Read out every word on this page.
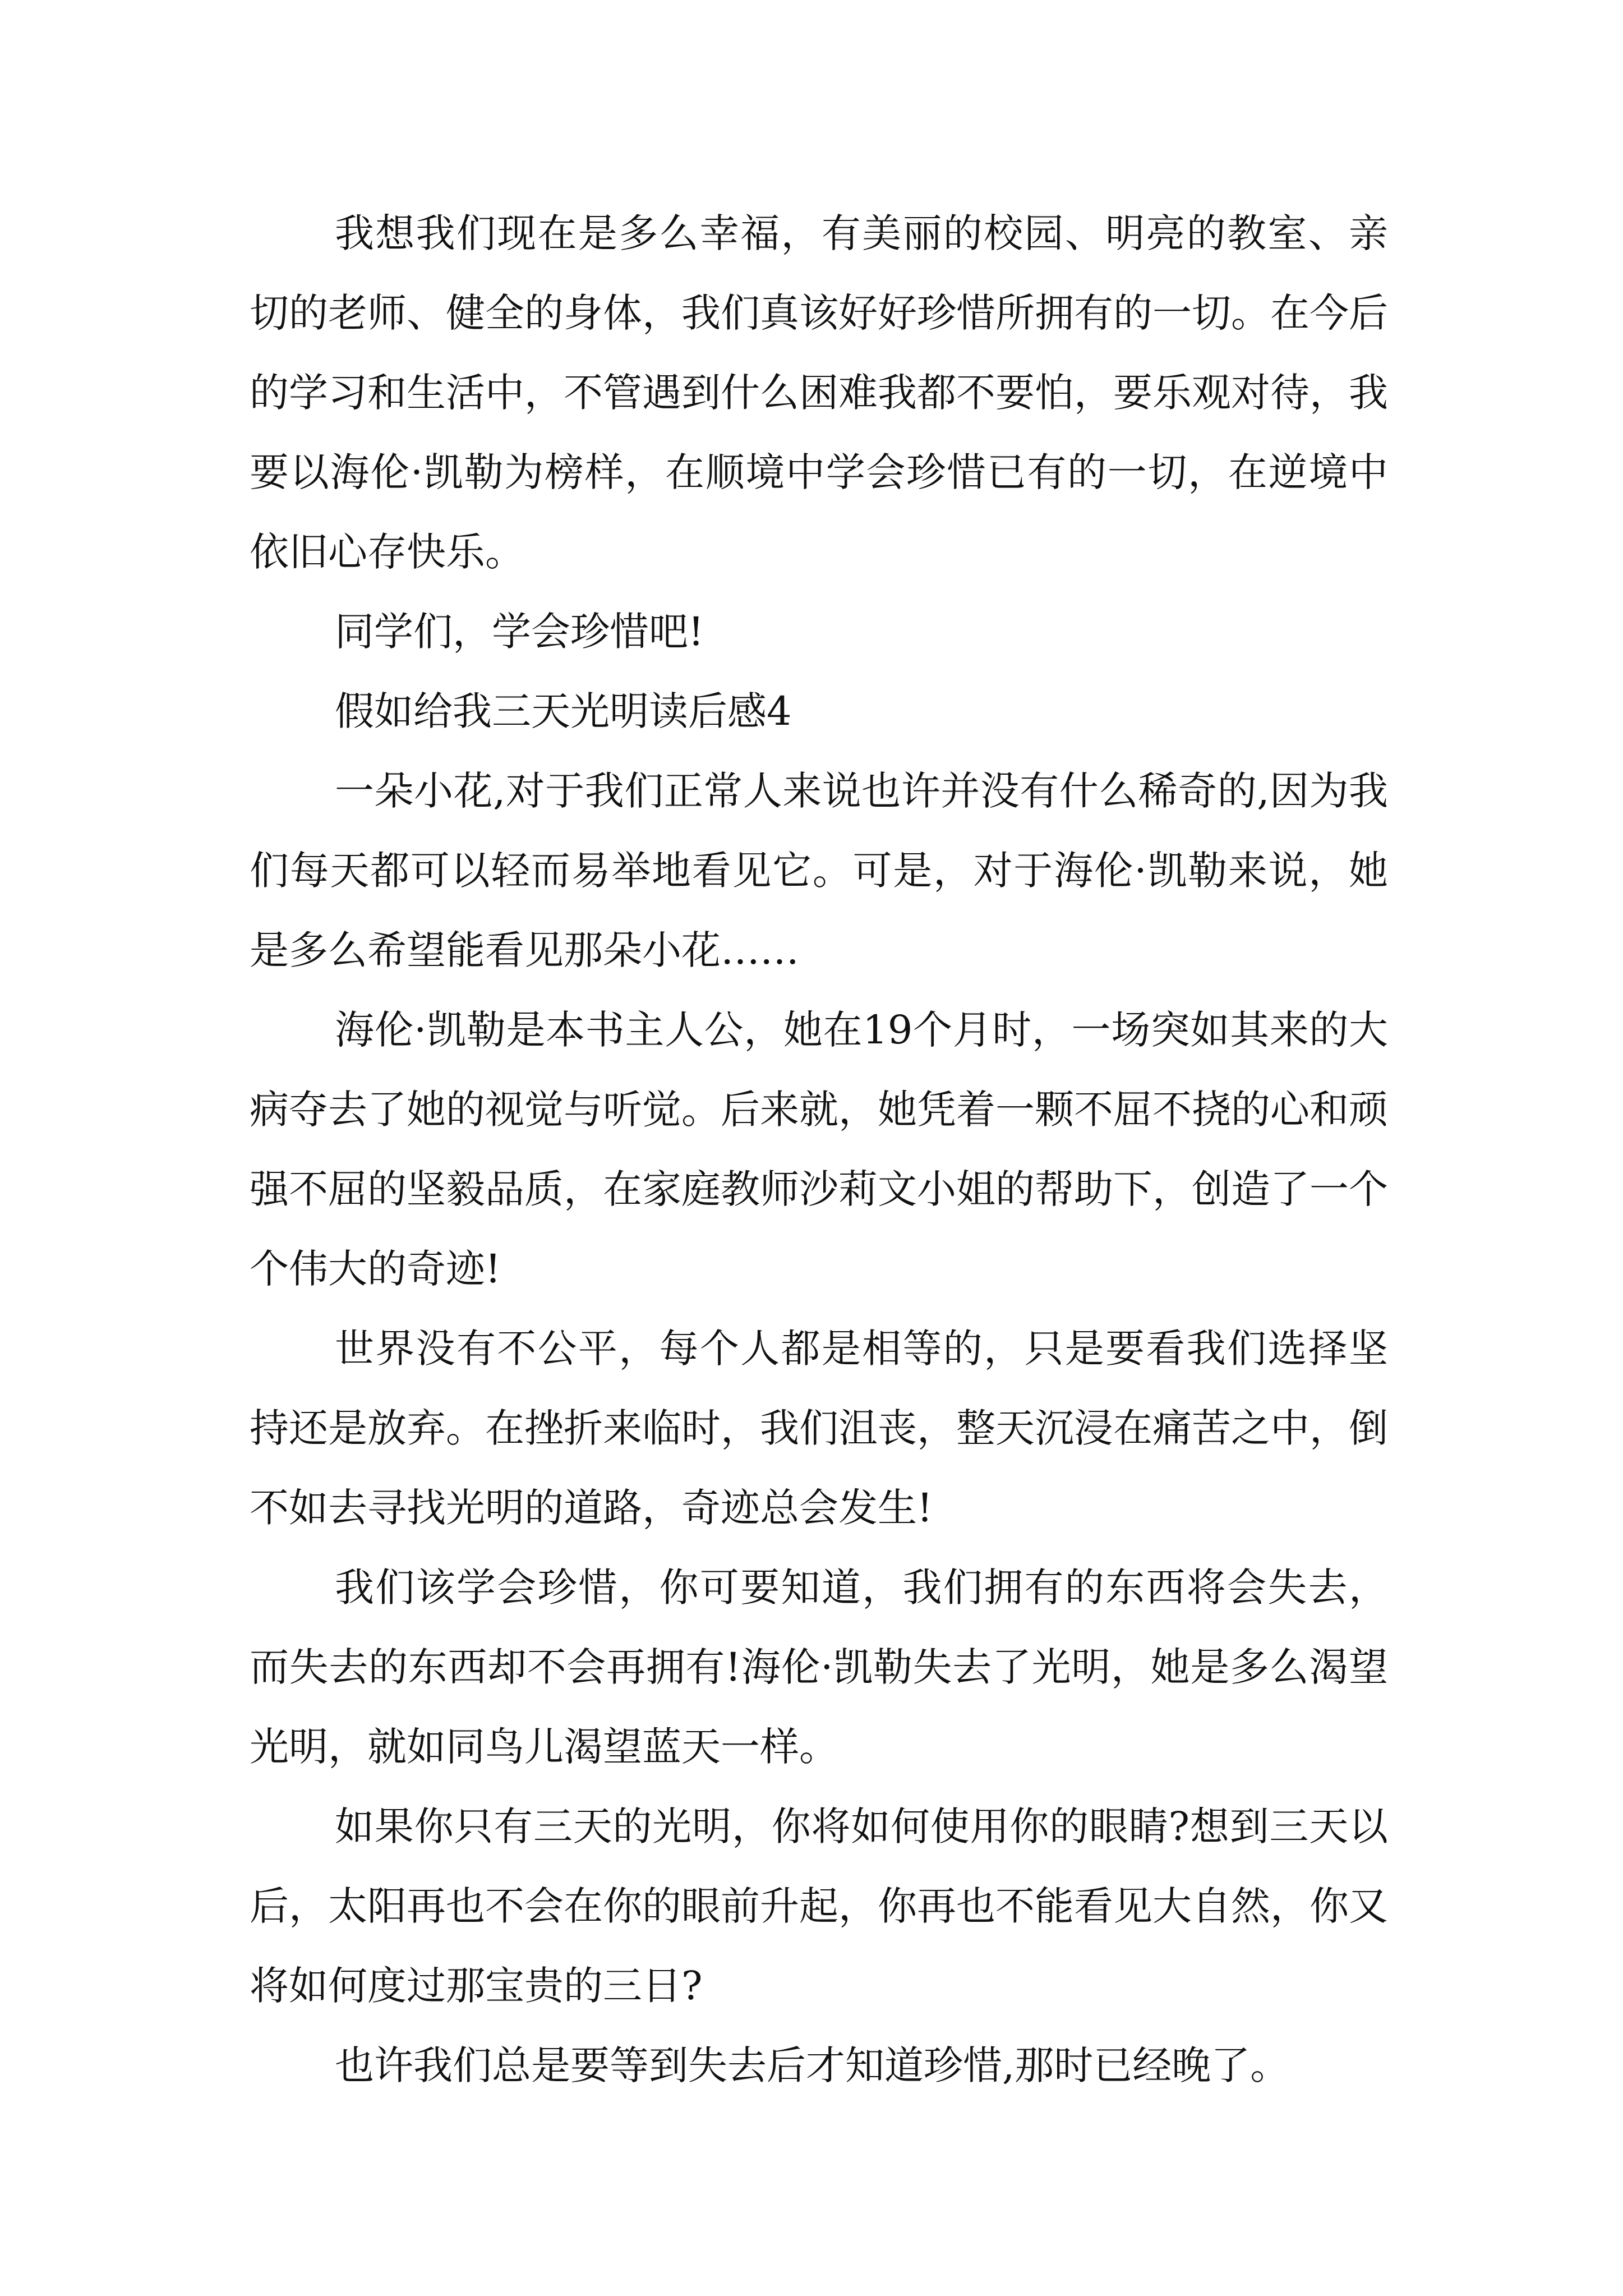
我想我们现在是多么幸福，有美丽的校园、明亮的教室、亲切的老师、健全的身体，我们真该好好珍惜所拥有的一切。在今后的学习和生活中，不管遇到什么困难我都不要怕，要乐观对待，我要以海伦·凯勒为榜样，在顺境中学会珍惜已有的一切，在逆境中依旧心存快乐。

同学们，学会珍惜吧!

假如给我三天光明读后感4

一朵小花,对于我们正常人来说也许并没有什么稀奇的,因为我们每天都可以轻而易举地看见它。可是，对于海伦·凯勒来说，她是多么希望能看见那朵小花……

海伦·凯勒是本书主人公，她在19个月时，一场突如其来的大病夺去了她的视觉与听觉。后来就，她凭着一颗不屈不挠的心和顽强不屈的坚毅品质，在家庭教师沙莉文小姐的帮助下，创造了一个个伟大的奇迹!

世界没有不公平，每个人都是相等的，只是要看我们选择坚持还是放弃。在挫折来临时，我们沮丧，整天沉浸在痛苦之中，倒不如去寻找光明的道路，奇迹总会发生!

我们该学会珍惜，你可要知道，我们拥有的东西将会失去，而失去的东西却不会再拥有!海伦·凯勒失去了光明，她是多么渴望光明，就如同鸟儿渴望蓝天一样。

如果你只有三天的光明，你将如何使用你的眼睛?想到三天以后，太阳再也不会在你的眼前升起，你再也不能看见大自然，你又将如何度过那宝贵的三日?

也许我们总是要等到失去后才知道珍惜,那时已经晚了。
